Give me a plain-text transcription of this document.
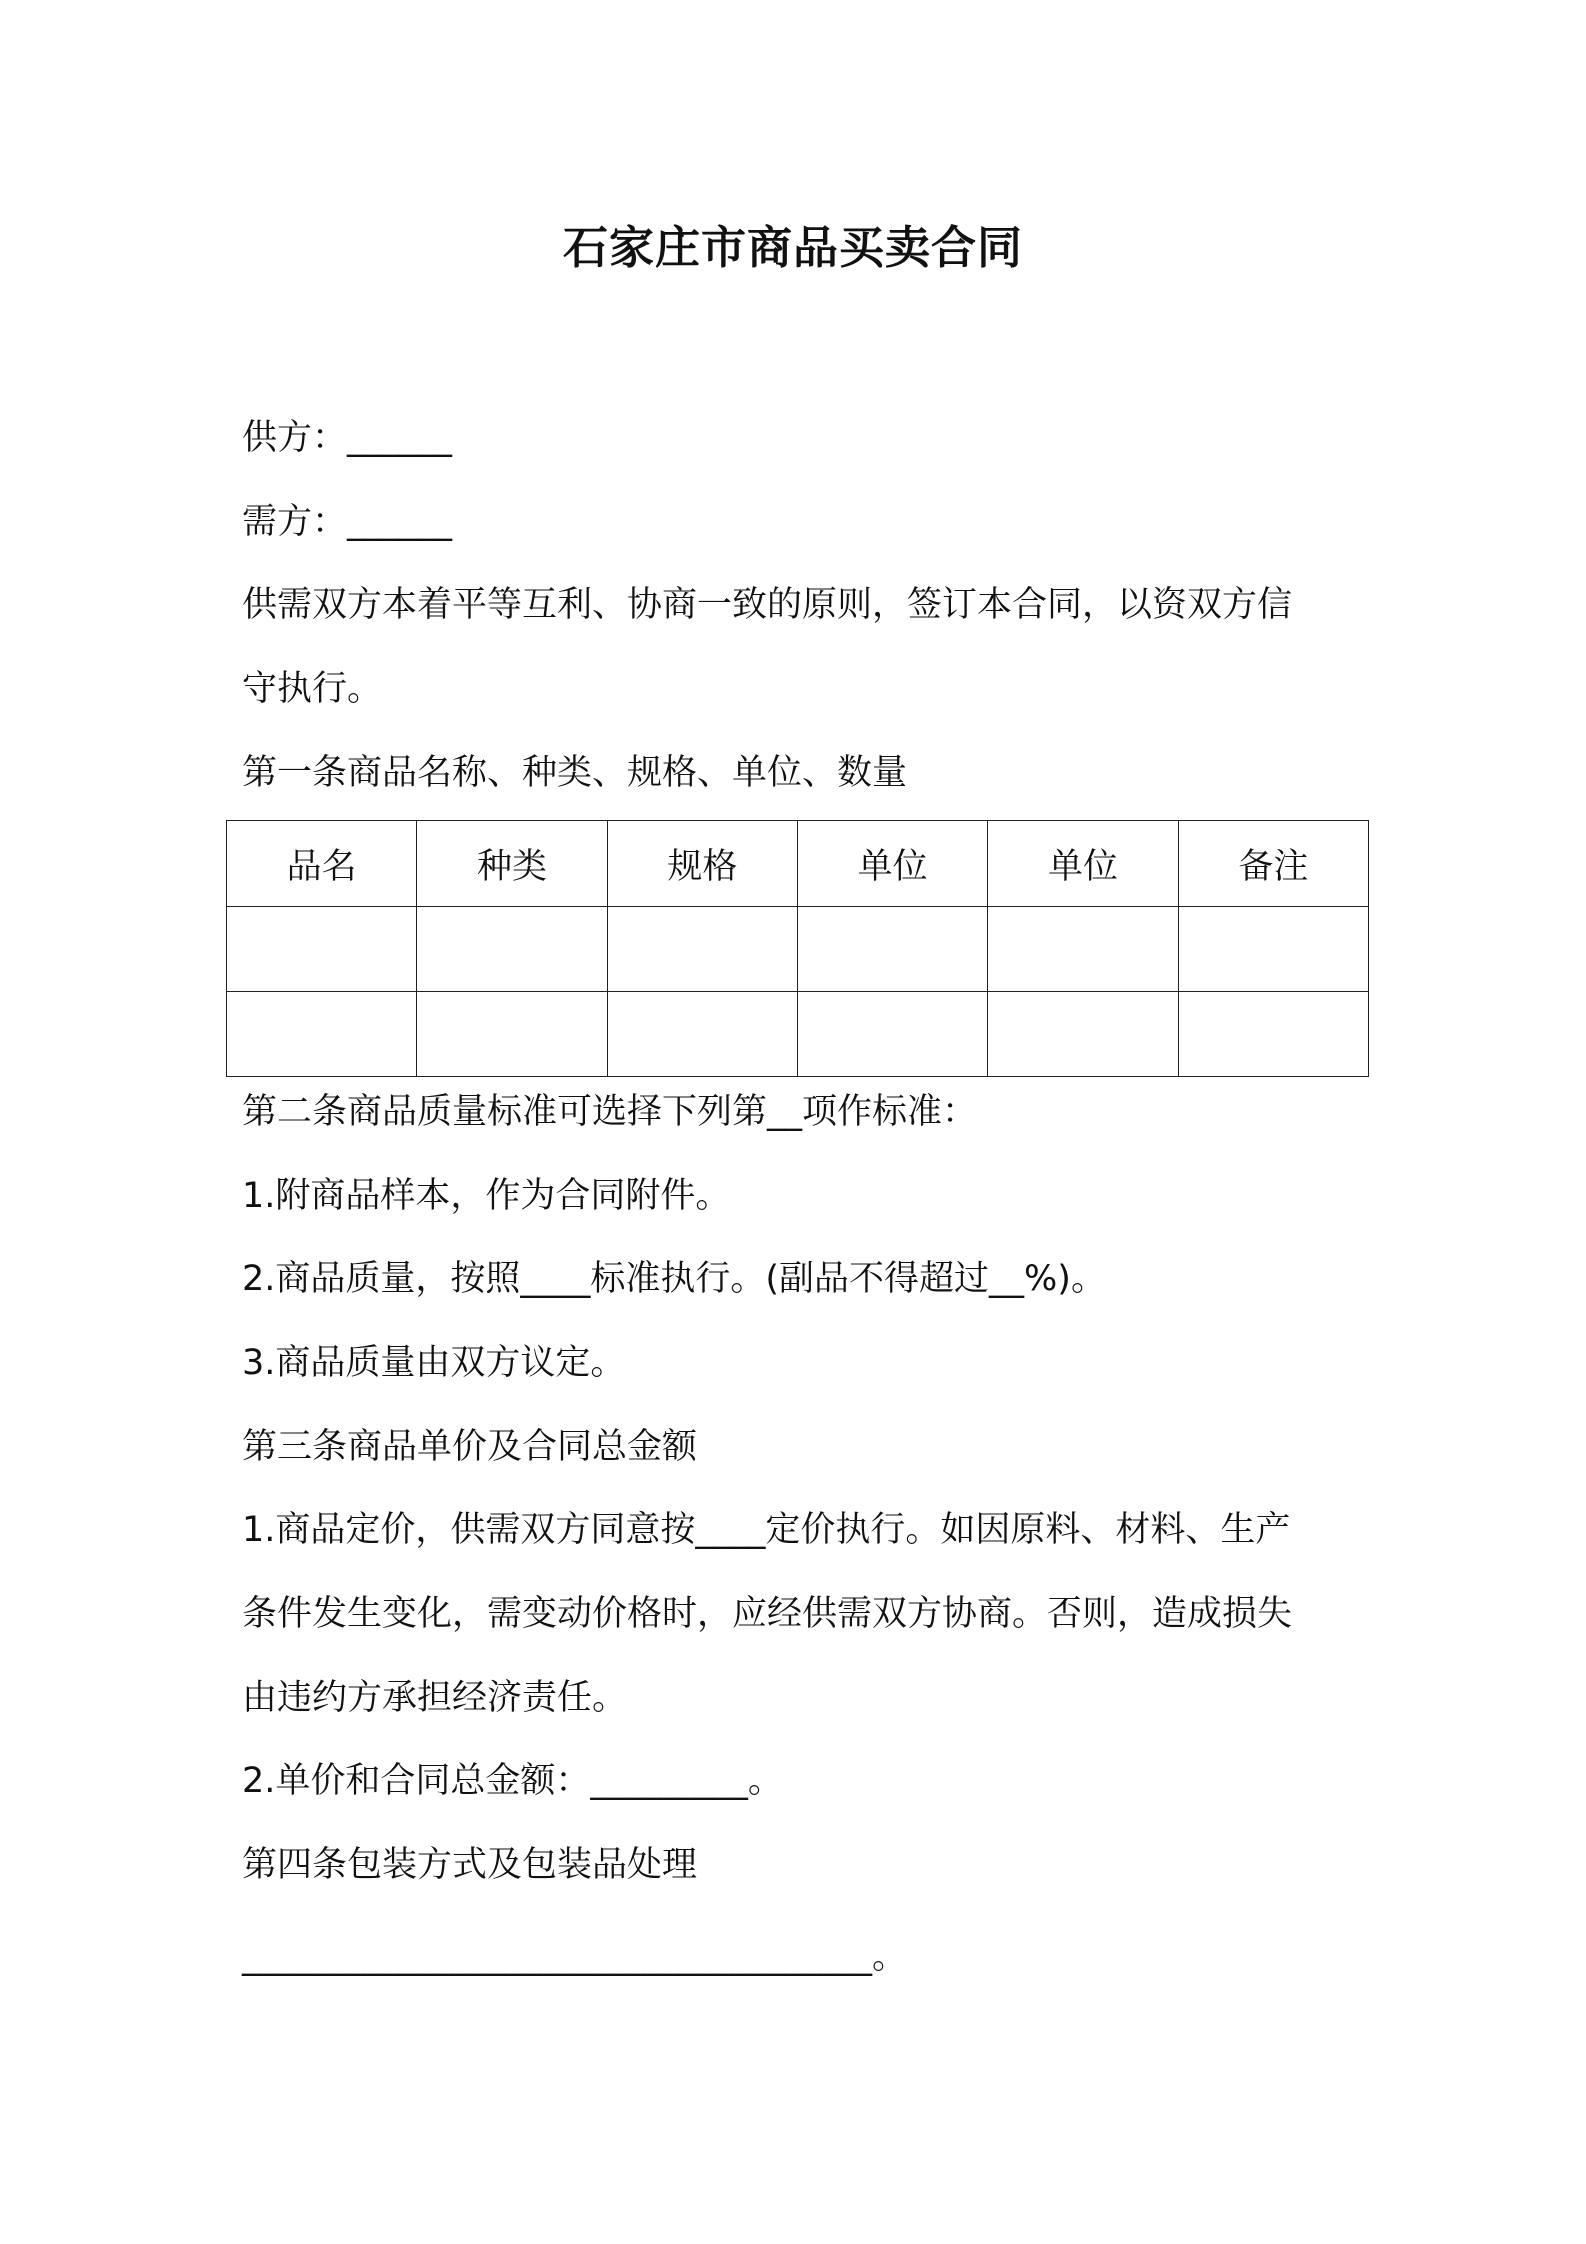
石家庄市商品买卖合同
供方：______
需方：______
供需双方本着平等互利、协商一致的原则，签订本合同，以资双方信
守执行。
第一条商品名称、种类、规格、单位、数量
品名	种类	规格	单位	单位	备注

第二条商品质量标准可选择下列第__项作标准：
1.附商品样本，作为合同附件。
2.商品质量，按照____标准执行。(副品不得超过__%)。
3.商品质量由双方议定。
第三条商品单价及合同总金额
1.商品定价，供需双方同意按____定价执行。如因原料、材料、生产
条件发生变化，需变动价格时，应经供需双方协商。否则，造成损失
由违约方承担经济责任。
2.单价和合同总金额：_________。
第四条包装方式及包装品处理
____________________________________。
